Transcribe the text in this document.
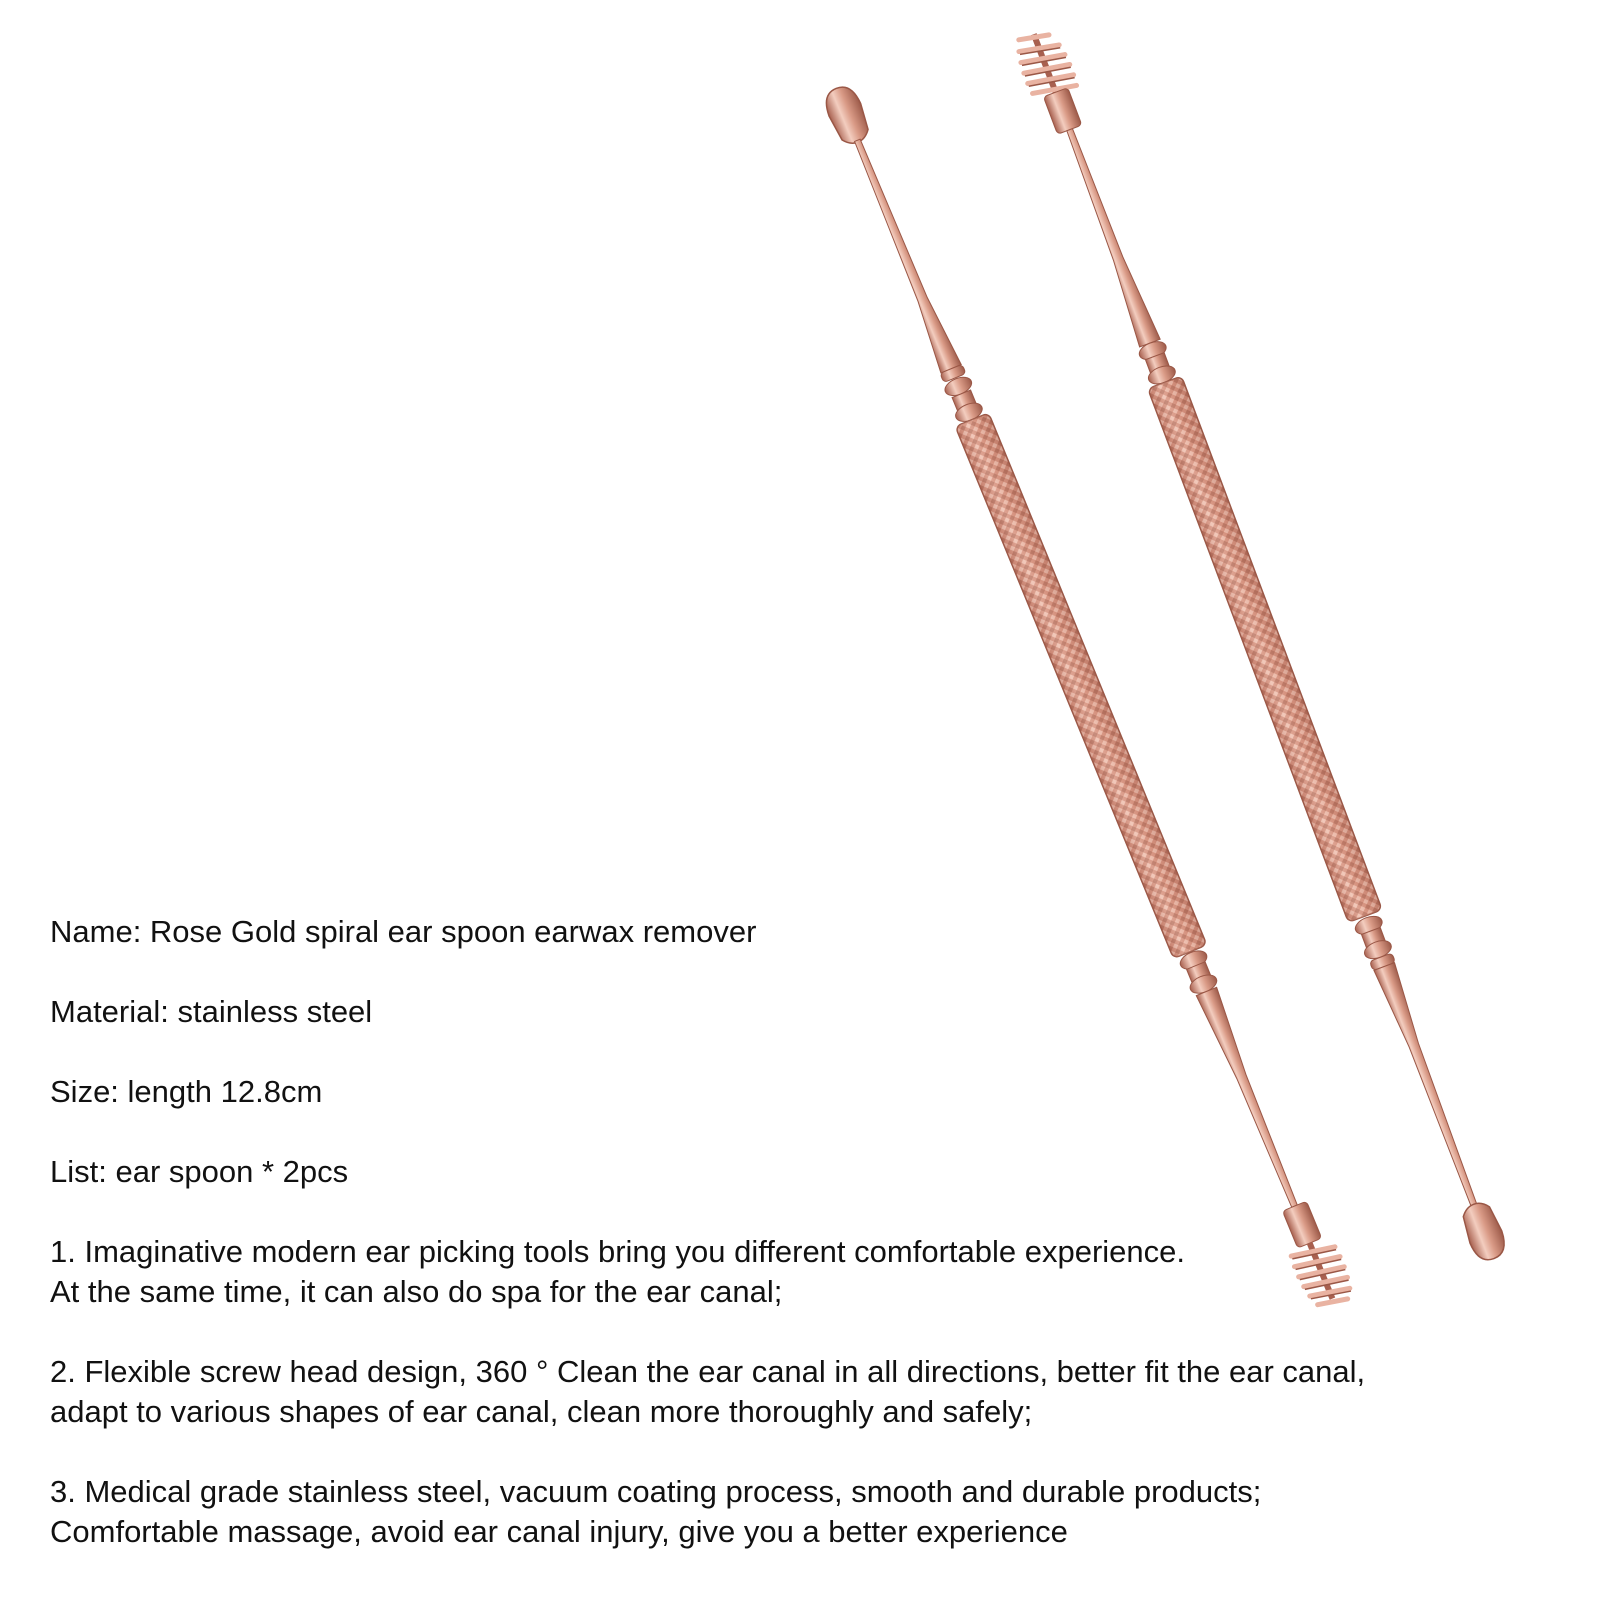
Name: Rose Gold spiral ear spoon earwax remover
Material: stainless steel
Size: length 12.8cm
List: ear spoon * 2pcs
1. Imaginative modern ear picking tools bring you different comfortable experience.
At the same time, it can also do spa for the ear canal;
2. Flexible screw head design, 360 ° Clean the ear canal in all directions, better fit the ear canal,
adapt to various shapes of ear canal, clean more thoroughly and safely;
3. Medical grade stainless steel, vacuum coating process, smooth and durable products;
Comfortable massage, avoid ear canal injury, give you a better experience
